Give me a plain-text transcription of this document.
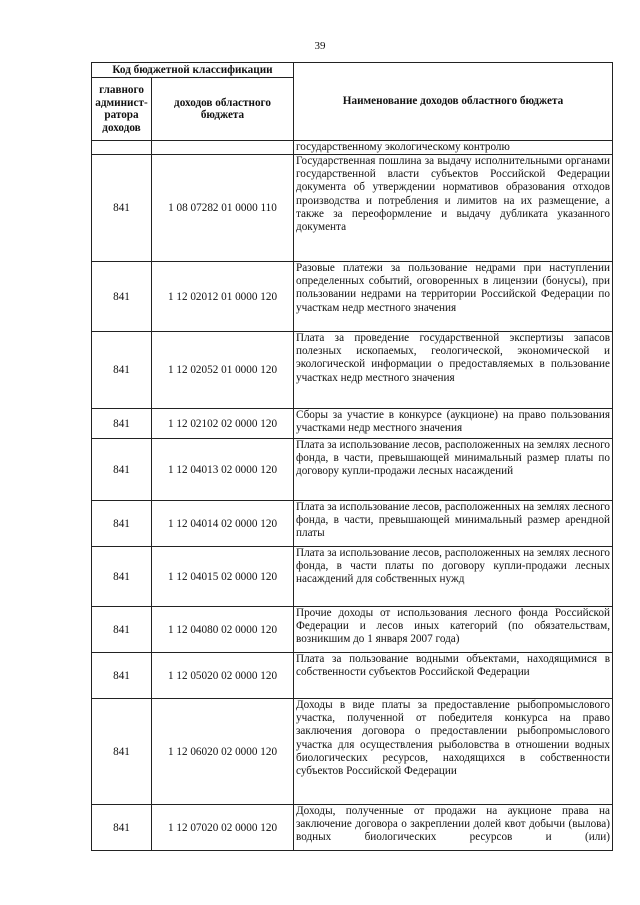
39
Код бюджетной классификации		Наименование доходов областного бюджета
главного админист-ратора доходов	доходов областного бюджета	
		государственному экологическому контролю
841	1 08 07282 01 0000 110	Государственная пошлина за выдачу исполнительными органами государственной власти субъектов Российской Федерации документа об утверждении нормативов образования отходов производства и потребления и лимитов на их размещение, а также за переоформление и выдачу дубликата указанного документа
841	1 12 02012 01 0000 120	Разовые платежи за пользование недрами при наступлении определенных событий, оговоренных в лицензии (бонусы), при пользовании недрами на территории Российской Федерации по участкам недр местного значения
841	1 12 02052 01 0000 120	Плата за проведение государственной экспертизы запасов полезных ископаемых, геологической, экономической и экологической информации о предоставляемых в пользование участках недр местного значения
841	1 12 02102 02 0000 120	Сборы за участие в конкурсе (аукционе) на право пользования участками недр местного значения
841	1 12 04013 02 0000 120	Плата за использование лесов, расположенных на землях лесного фонда, в части, превышающей минимальный размер платы по договору купли-продажи лесных насаждений
841	1 12 04014 02 0000 120	Плата за использование лесов, расположенных на землях лесного фонда, в части, превышающей минимальный размер арендной платы
841	1 12 04015 02 0000 120	Плата за использование лесов, расположенных на землях лесного фонда, в части платы по договору купли-продажи лесных насаждений для собственных нужд
841	1 12 04080 02 0000 120	Прочие доходы от использования лесного фонда Российской Федерации и лесов иных категорий (по обязательствам, возникшим до 1 января 2007 года)
841	1 12 05020 02 0000 120	Плата за пользование водными объектами, находящимися в собственности субъектов Российской Федерации
841	1 12 06020 02 0000 120	Доходы в виде платы за предоставление рыбопромыслового участка, полученной от победителя конкурса на право заключения договора о предоставлении рыбопромыслового участка для осуществления рыболовства в отношении водных биологических ресурсов, находящихся в собственности субъектов Российской Федерации
841	1 12 07020 02 0000 120	Доходы, полученные от продажи на аукционе права на заключение договора о закреплении долей квот добычи (вылова) водных биологических ресурсов и (или)
